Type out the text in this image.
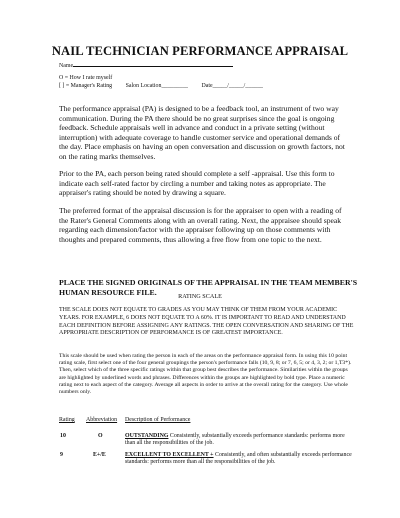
NAIL TECHNICIAN PERFORMANCE APPRAISAL
Name
O = How I rate myself
[ ] = Manager's Rating Salon Location_________ Date_____/_____/______
The performance appraisal (PA) is designed to be a feedback tool, an instrument of two way communication. During the PA there should be no great surprises since the goal is ongoing feedback. Schedule appraisals well in advance and conduct in a private setting (without interruption) with adequate coverage to handle customer service and operational demands of the day. Place emphasis on having an open conversation and discussion on growth factors, not on the rating marks themselves.
Prior to the PA, each person being rated should complete a self -appraisal. Use this form to indicate each self-rated factor by circling a number and taking notes as appropriate. The appraiser's rating should be noted by drawing a square.
The preferred format of the appraisal discussion is for the appraiser to open with a reading of the Rater's General Comments along with an overall rating. Next, the appraisee should speak regarding each dimension/factor with the appraiser following up on those comments with thoughts and prepared comments, thus allowing a free flow from one topic to the next.
PLACE THE SIGNED ORIGINALS OF THE APPRAISAL IN THE TEAM MEMBER'S HUMAN RESOURCE FILE.	RATING SCALE
THE SCALE DOES NOT EQUATE TO GRADES AS YOU MAY THINK OF THEM FROM YOUR ACADEMIC YEARS. FOR EXAMPLE, 6 DOES NOT EQUATE TO A 60%. IT IS IMPORTANT TO READ AND UNDERSTAND EACH DEFINITION BEFORE ASSIGNING ANY RATINGS. THE OPEN CONVERSATION AND SHARING OF THE APPROPRIATE DESCRIPTION OF PERFORMANCE IS OF GREATEST IMPORTANCE.
This scale should be used when rating the person in each of the areas on the performance appraisal form. In using this 10 point rating scale, first select one of the four general groupings the person's performance falls (10, 9, 8; or 7, 6, 5; or 4, 3, 2; or 1,T3*). Then, select which of the three specific ratings within that group best describes the performance. Similarities within the groups are highlighted by underlined words and phrases. Differences within the groups are highlighted by bold type. Place a numeric rating next to each aspect of the category. Average all aspects in order to arrive at the overall rating for the category. Use whole numbers only.
Rating Abbreviation Description of Performance
10	O	OUTSTANDING Consistently, substantially exceeds performance standards: performs more than all the responsibilities of the job.
9	E+/E	EXCELLENT TO EXCELLENT + Consistently, and often substantially exceeds performance standards: performs more than all the responsibilities of the job.
